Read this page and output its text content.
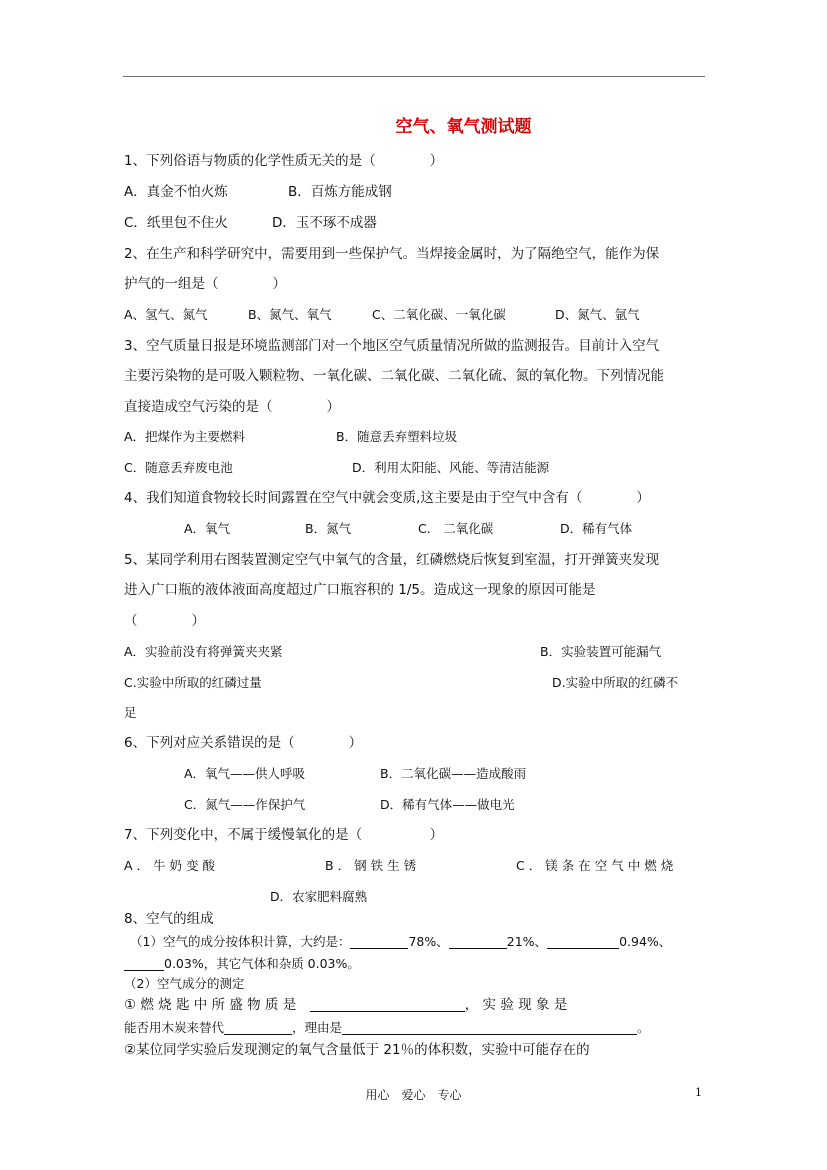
空气、氧气测试题
1、下列俗语与物质的化学性质无关的是（　　　　）
A．真金不怕火炼	B．百炼方能成钢
C．纸里包不住火	D．玉不琢不成器
2、在生产和科学研究中，需要用到一些保护气。当焊接金属时，为了隔绝空气，能作为保
护气的一组是（　　　　）
A、氢气、氮气	B、氮气、氧气	C、二氧化碳、一氧化碳	D、氮气、氩气
3、空气质量日报是环境监测部门对一个地区空气质量情况所做的监测报告。目前计入空气
主要污染物的是可吸入颗粒物、一氧化碳、二氧化碳、二氧化硫、氮的氧化物。下列情况能
直接造成空气污染的是（　　　　）
A．把煤作为主要燃料	B．随意丢弃塑料垃圾
C．随意丢弃废电池	D．利用太阳能、风能、等清洁能源
4、我们知道食物较长时间露置在空气中就会变质,这主要是由于空气中含有（　　　　）
A．氧气	B．氮气	C.　二氧化碳	D．稀有气体
5、某同学利用右图装置测定空气中氧气的含量，红磷燃烧后恢复到室温，打开弹簧夹发现
进入广口瓶的液体液面高度超过广口瓶容积的 1/5。造成这一现象的原因可能是
（　　　　）
A．实验前没有将弹簧夹夹紧	B．实验装置可能漏气
C.实验中所取的红磷过量	D.实验中所取的红磷不
足
6、下列对应关系错误的是（　　　　）
A．氧气——供人呼吸	B．二氧化碳——造成酸雨
C．氮气——作保护气	D．稀有气体——做电光
7、下列变化中，不属于缓慢氧化的是（　　　　　）
A．牛奶变酸	B．钢铁生锈	C．镁条在空气中燃烧
D．农家肥料腐熟
8、空气的组成
（1）空气的成分按体积计算，大约是：	78%、	21%、	0.94%、
0.03%，其它气体和杂质 0.03%。
（2）空气成分的测定
① 燃 烧 匙 中 所 盛 物 质 是　	， 实 验 现 象 是
能否用木炭来替代	，理由是	。
②某位同学实验后发现测定的氧气含量低于 21％的体积数，实验中可能存在的
用心　爱心　专心	1
